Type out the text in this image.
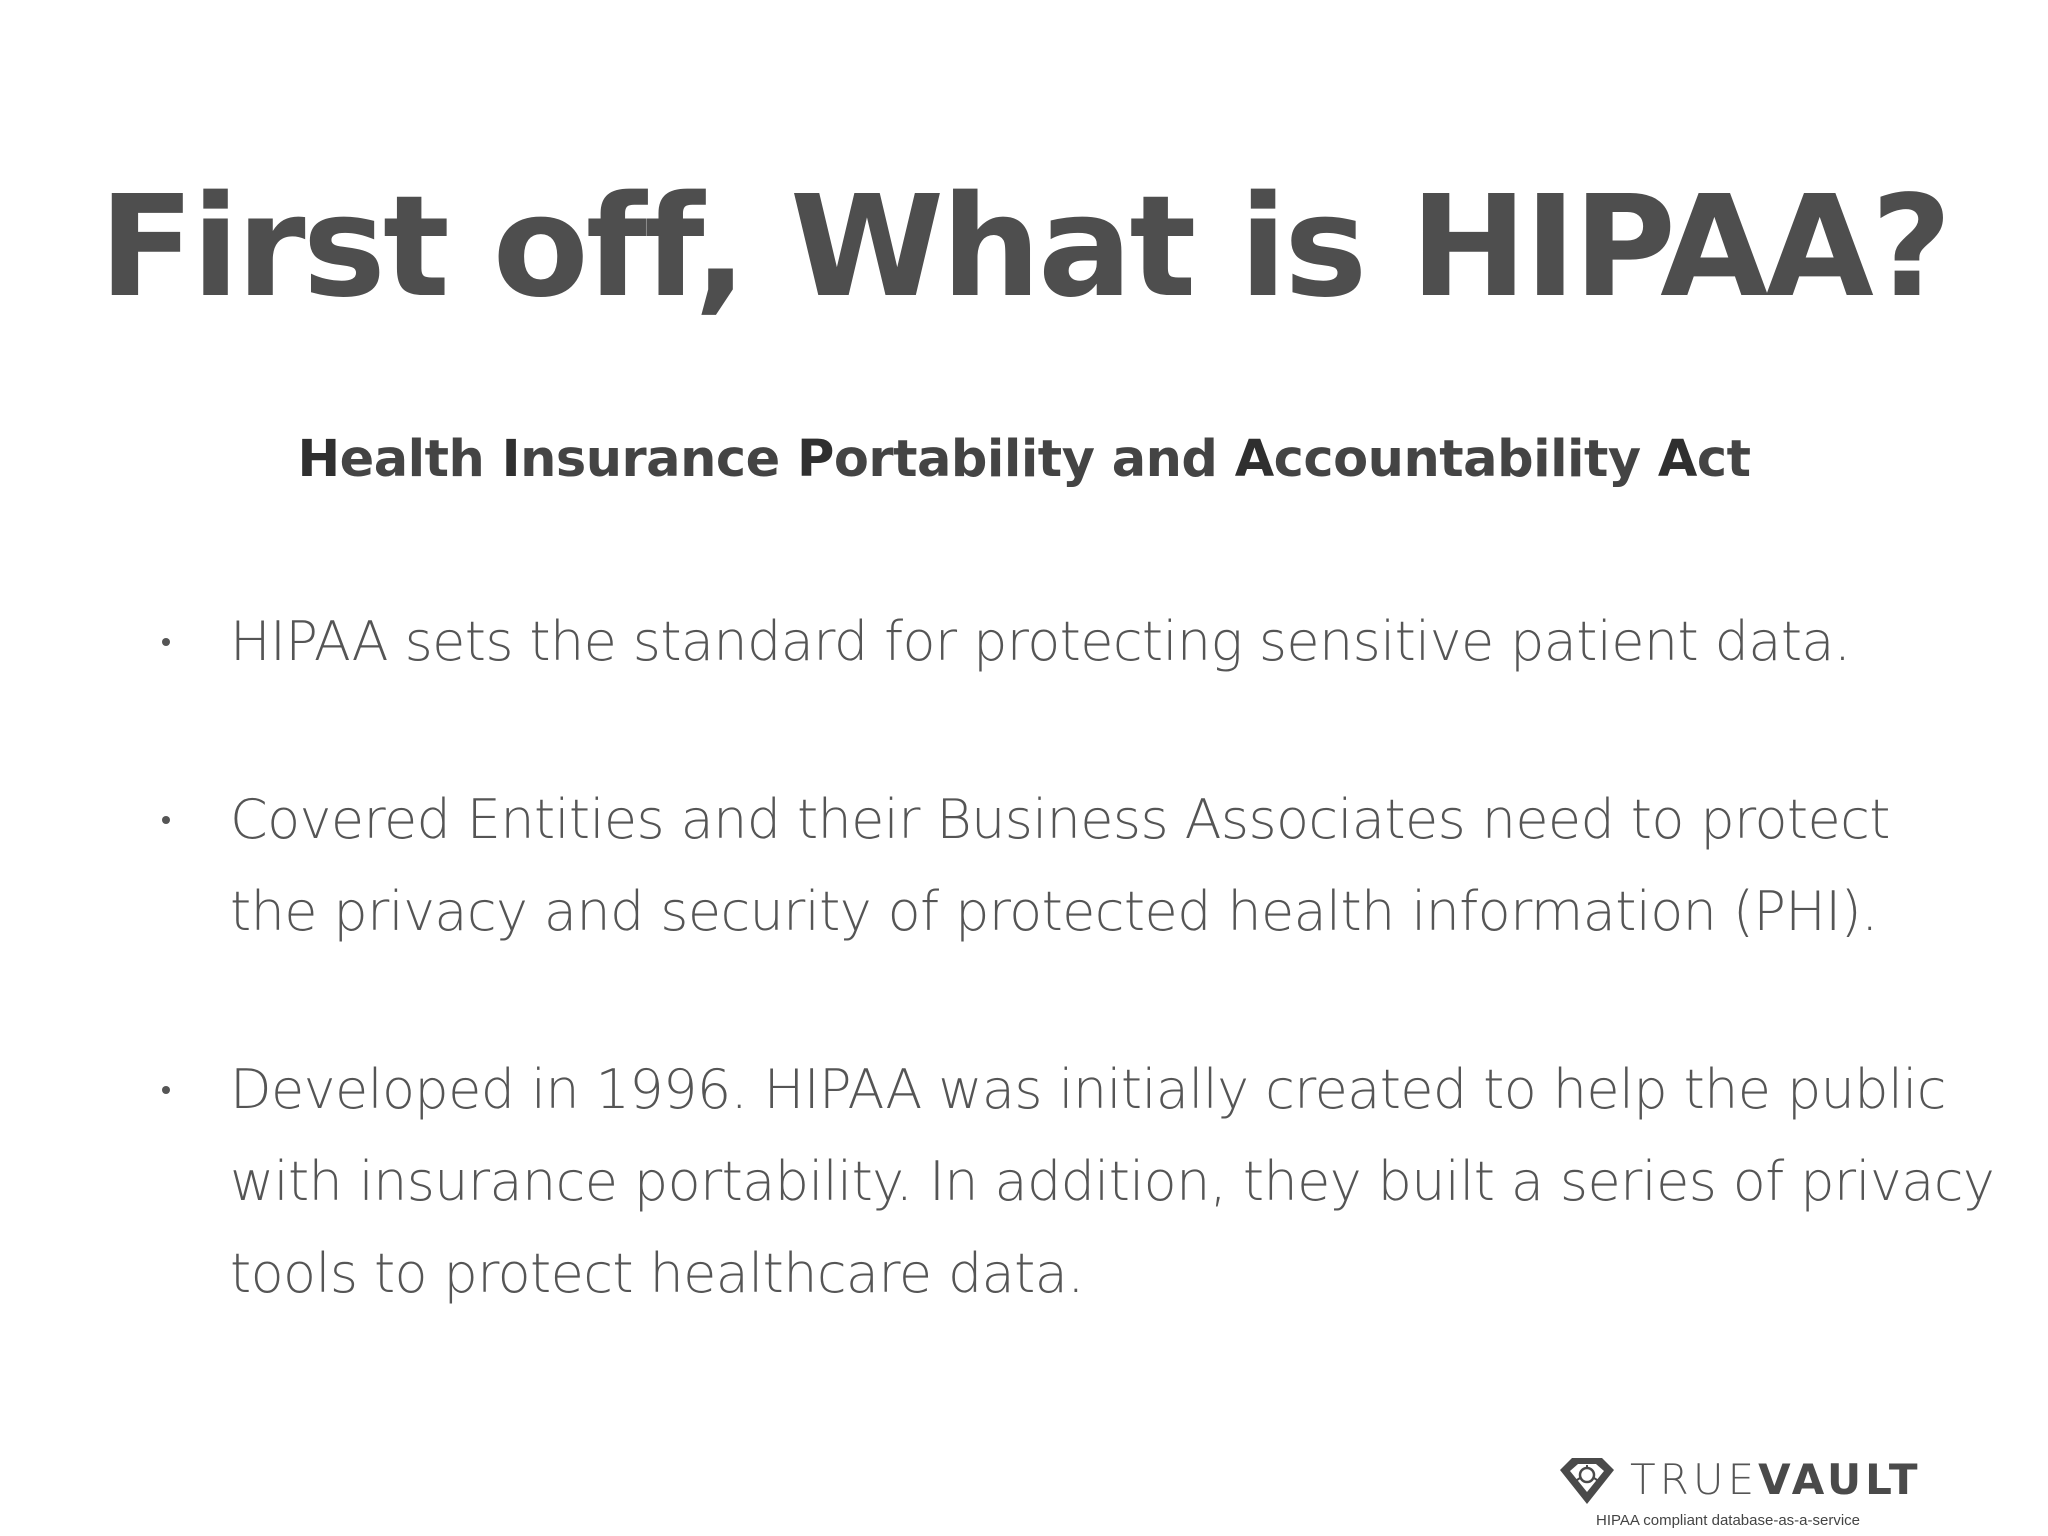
First off, What is HIPAA?
Health Insurance Portability and Accountability Act
HIPAA sets the standard for protecting sensitive patient data.
Covered Entities and their Business Associates need to protect
the privacy and security of protected health information (PHI).
Developed in 1996. HIPAA was initially created to help the public
with insurance portability. In addition, they built a series of privacy
tools to protect healthcare data.
TRUEVAULT
HIPAA compliant database-as-a-service
